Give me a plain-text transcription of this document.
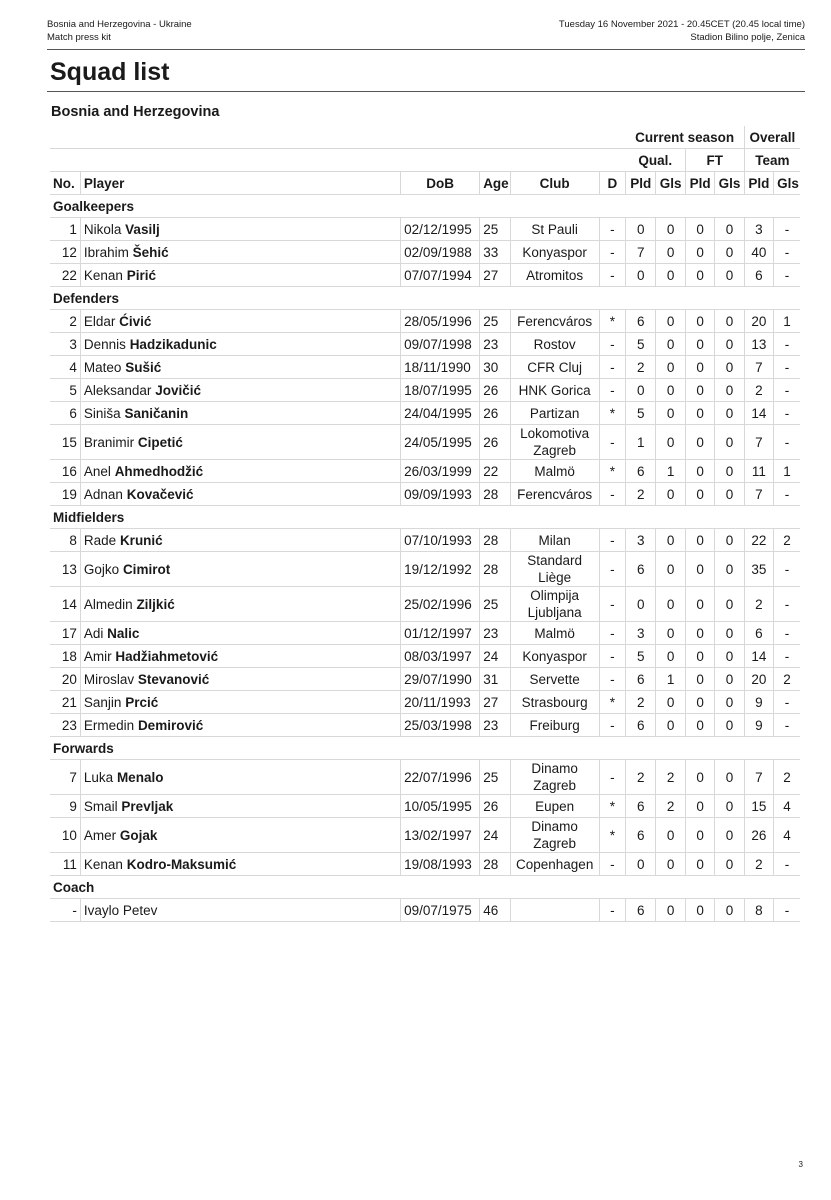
Bosnia and Herzegovina - Ukraine
Match press kit
Tuesday 16 November 2021 - 20.45CET (20.45 local time)
Stadion Bilino polje, Zenica
Squad list
Bosnia and Herzegovina
						Current season				Overall	
						Qual.		FT		Team	
No.	Player	DoB	Age	Club	D	Pld	Gls	Pld	Gls	Pld	Gls
Goalkeepers											
1	Nikola Vasilj	02/12/1995	25	St Pauli	-	0	0	0	0	3	-
12	Ibrahim Šehić	02/09/1988	33	Konyaspor	-	7	0	0	0	40	-
22	Kenan Pirić	07/07/1994	27	Atromitos	-	0	0	0	0	6	-
Defenders											
2	Eldar Ćivić	28/05/1996	25	Ferencváros	*	6	0	0	0	20	1
3	Dennis Hadzikadunic	09/07/1998	23	Rostov	-	5	0	0	0	13	-
4	Mateo Sušić	18/11/1990	30	CFR Cluj	-	2	0	0	0	7	-
5	Aleksandar Jovičić	18/07/1995	26	HNK Gorica	-	0	0	0	0	2	-
6	Siniša Saničanin	24/04/1995	26	Partizan	*	5	0	0	0	14	-
15	Branimir Cipetić	24/05/1995	26	Lokomotiva Zagreb	-	1	0	0	0	7	-
16	Anel Ahmedhodžić	26/03/1999	22	Malmö	*	6	1	0	0	11	1
19	Adnan Kovačević	09/09/1993	28	Ferencváros	-	2	0	0	0	7	-
Midfielders											
8	Rade Krunić	07/10/1993	28	Milan	-	3	0	0	0	22	2
13	Gojko Cimirot	19/12/1992	28	Standard Liège	-	6	0	0	0	35	-
14	Almedin Ziljkić	25/02/1996	25	Olimpija Ljubljana	-	0	0	0	0	2	-
17	Adi Nalic	01/12/1997	23	Malmö	-	3	0	0	0	6	-
18	Amir Hadžiahmetović	08/03/1997	24	Konyaspor	-	5	0	0	0	14	-
20	Miroslav Stevanović	29/07/1990	31	Servette	-	6	1	0	0	20	2
21	Sanjin Prcić	20/11/1993	27	Strasbourg	*	2	0	0	0	9	-
23	Ermedin Demirović	25/03/1998	23	Freiburg	-	6	0	0	0	9	-
Forwards											
7	Luka Menalo	22/07/1996	25	Dinamo Zagreb	-	2	2	0	0	7	2
9	Smail Prevljak	10/05/1995	26	Eupen	*	6	2	0	0	15	4
10	Amer Gojak	13/02/1997	24	Dinamo Zagreb	*	6	0	0	0	26	4
11	Kenan Kodro-Maksumić	19/08/1993	28	Copenhagen	-	0	0	0	0	2	-
Coach											
-	Ivaylo Petev	09/07/1975	46		-	6	0	0	0	8	-
3
